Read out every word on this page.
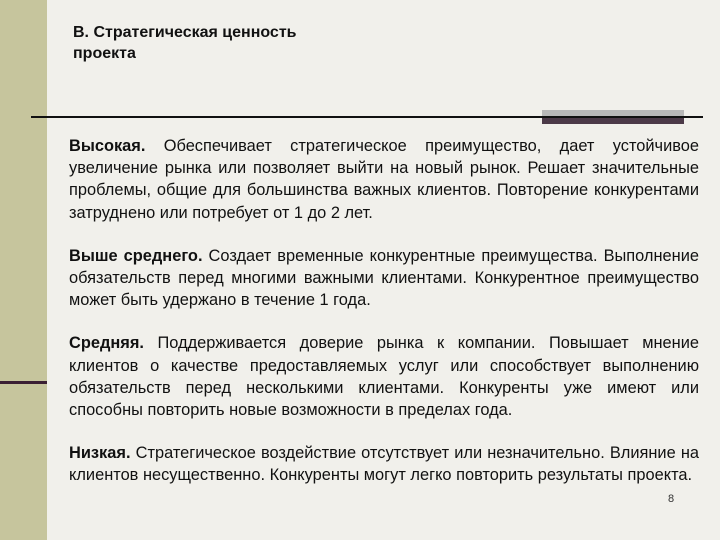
В. Стратегическая ценность
проекта

Высокая. Обеспечивает стратегическое преимущество, дает устойчивое увеличение рынка или позволяет выйти на новый рынок. Решает значительные проблемы, общие для большинства важных клиентов. Повторение конкурентами затруднено или потребует от 1 до 2 лет.

Выше среднего. Создает временные конкурентные преимущества. Выполнение обязательств перед многими важными клиентами. Конкурентное преимущество может быть удержано в течение 1 года.

Средняя. Поддерживается доверие рынка к компании. Повышает мнение клиентов о качестве предоставляемых услуг или способствует выполнению обязательств перед несколькими клиентами. Конкуренты уже имеют или способны повторить новые возможности в пределах года.

Низкая. Стратегическое воздействие отсутствует или незначительно. Влияние на клиентов несущественно. Конкуренты могут легко повторить результаты проекта.

8
